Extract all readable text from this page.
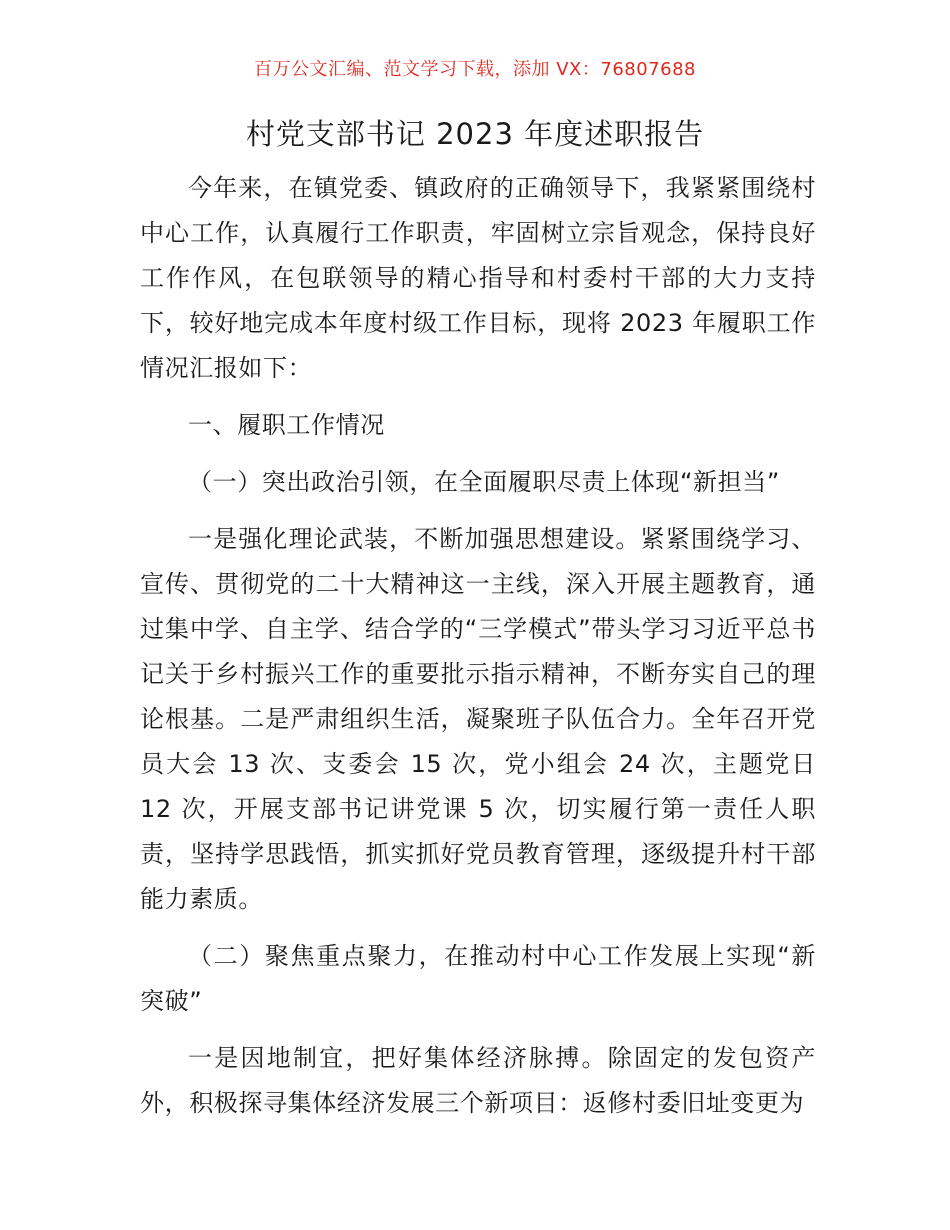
百万公文汇编、范文学习下载，添加 VX：76807688
村党支部书记 2023 年度述职报告

今年来，在镇党委、镇政府的正确领导下，我紧紧围绕村中心工作，认真履行工作职责，牢固树立宗旨观念，保持良好工作作风，在包联领导的精心指导和村委村干部的大力支持下，较好地完成本年度村级工作目标，现将 2023 年履职工作情况汇报如下：

一、履职工作情况

（一）突出政治引领，在全面履职尽责上体现“新担当”

一是强化理论武装，不断加强思想建设。紧紧围绕学习、宣传、贯彻党的二十大精神这一主线，深入开展主题教育，通过集中学、自主学、结合学的“三学模式”带头学习习近平总书记关于乡村振兴工作的重要批示指示精神，不断夯实自己的理论根基。二是严肃组织生活，凝聚班子队伍合力。全年召开党员大会 13 次、支委会 15 次，党小组会 24 次，主题党日 12 次，开展支部书记讲党课 5 次，切实履行第一责任人职责，坚持学思践悟，抓实抓好党员教育管理，逐级提升村干部能力素质。

（二）聚焦重点聚力，在推动村中心工作发展上实现“新突破”

一是因地制宜，把好集体经济脉搏。除固定的发包资产外，积极探寻集体经济发展三个新项目：返修村委旧址变更为
